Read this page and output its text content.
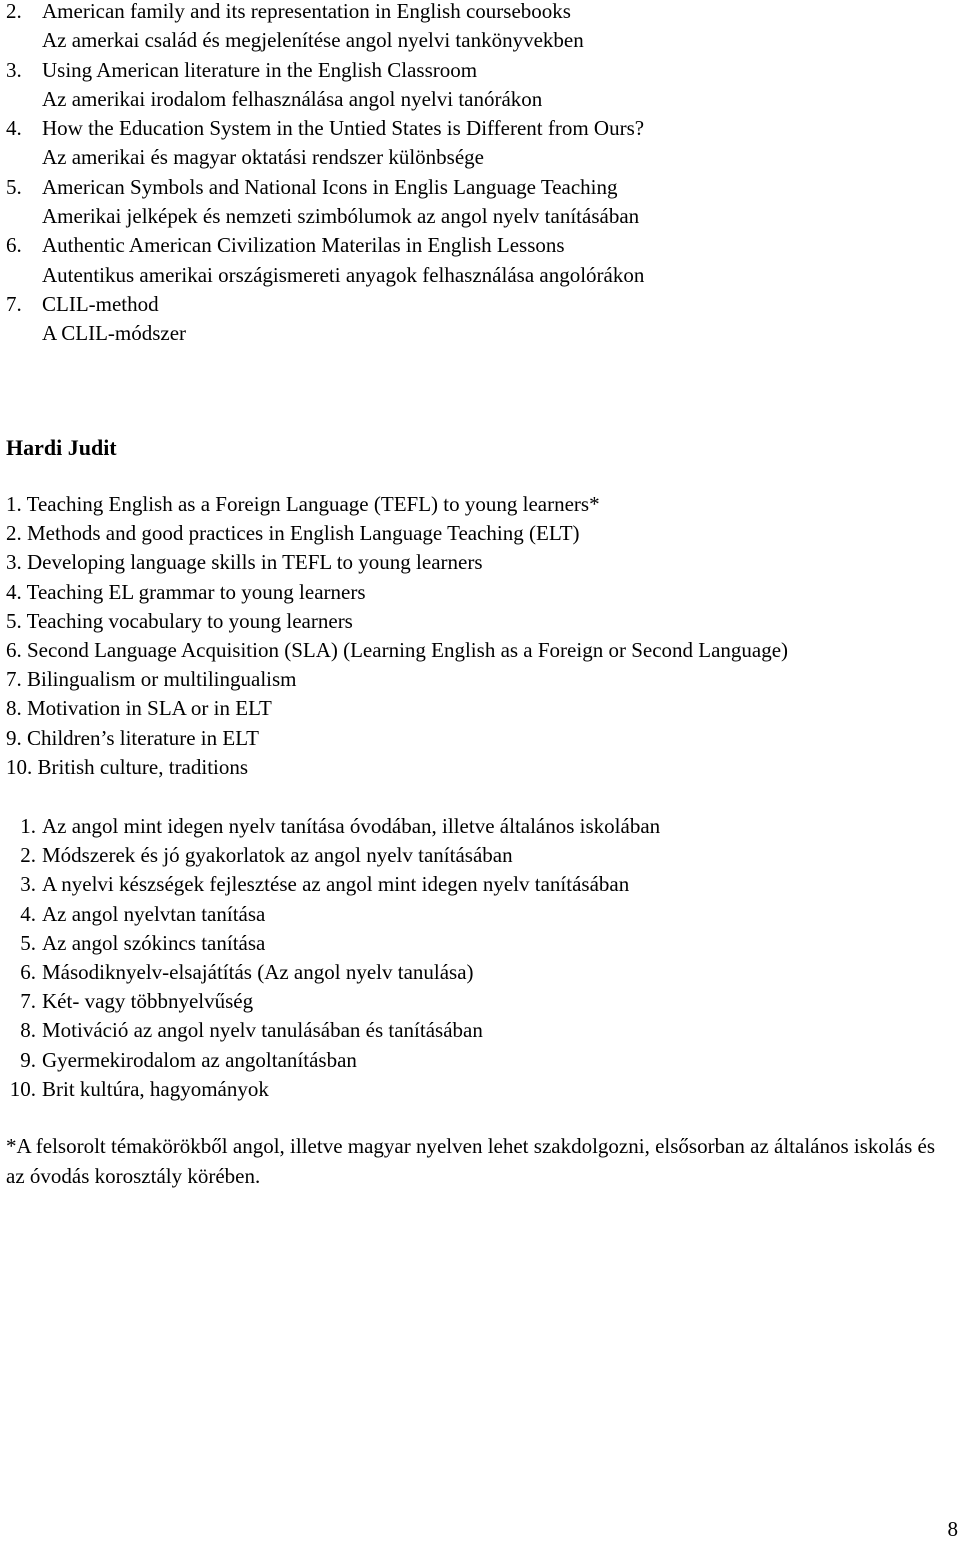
2. American family and its representation in English coursebooks
Az amerkai család és megjelenítése angol nyelvi tankönyvekben
3. Using American literature in the English Classroom
Az amerikai irodalom felhasználása angol nyelvi tanórákon
4. How the Education System in the Untied States is Different from Ours?
Az amerikai és magyar oktatási rendszer különbsége
5. American Symbols and National Icons in Englis Language Teaching
Amerikai jelképek és nemzeti szimbólumok az angol nyelv tanításában
6. Authentic American Civilization Materilas in English Lessons
Autentikus amerikai országismereti anyagok felhasználása angolórákon
7. CLIL-method
A CLIL-módszer
Hardi Judit
1. Teaching English as a Foreign Language (TEFL) to young learners*
2. Methods and good practices in English Language Teaching (ELT)
3. Developing language skills in TEFL to young learners
4. Teaching EL grammar to young learners
5. Teaching vocabulary to young learners
6. Second Language Acquisition (SLA) (Learning English as a Foreign or Second Language)
7. Bilingualism or multilingualism
8. Motivation in SLA or in ELT
9. Children’s literature in ELT
10. British culture, traditions
1. Az angol mint idegen nyelv tanítása óvodában, illetve általános iskolában
2. Módszerek és jó gyakorlatok az angol nyelv tanításában
3. A nyelvi készségek fejlesztése az angol mint idegen nyelv tanításában
4. Az angol nyelvtan tanítása
5. Az angol szókincs tanítása
6. Másodiknyelv-elsajátítás (Az angol nyelv tanulása)
7. Két- vagy többnyelvűség
8. Motiváció az angol nyelv tanulásában és tanításában
9. Gyermekirodalom az angoltanításban
10. Brit kultúra, hagyományok
*A felsorolt témakörökből angol, illetve magyar nyelven lehet szakdolgozni, elsősorban az általános iskolás és az óvodás korosztály körében.
8
